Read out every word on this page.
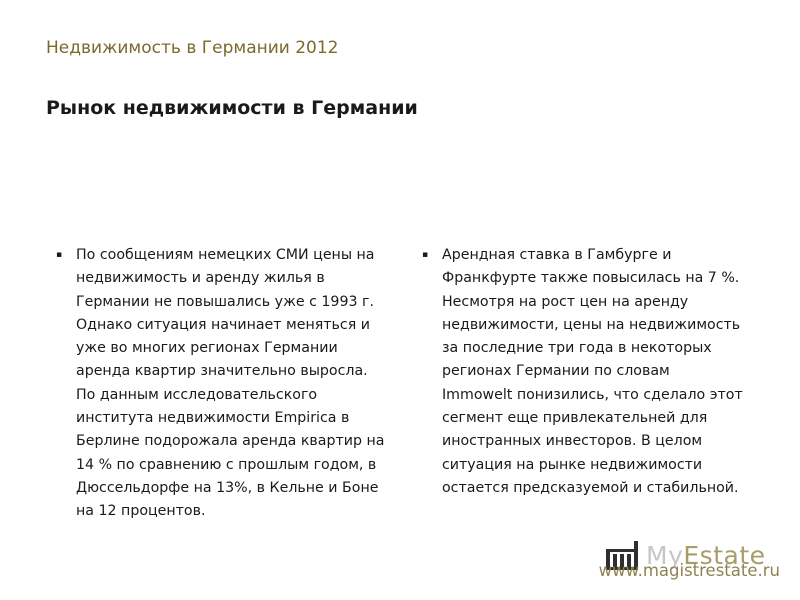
Недвижимость в Германии 2012
Рынок недвижимости в Германии
▪ По сообщениям немецких СМИ цены на
недвижимость и аренду жилья в
Германии не повышались уже с 1993 г.
Однако ситуация начинает меняться и
уже во многих регионах Германии
аренда квартир значительно выросла.
По данным исследовательского
института недвижимости Empirica в
Берлине подорожала аренда квартир на
14 % по сравнению с прошлым годом, в
Дюссельдорфе на 13%, в Кельне и Боне
на 12 процентов.
▪ Арендная ставка в Гамбурге и
Франкфурте также повысилась на 7 %.
Несмотря на рост цен на аренду
недвижимости, цены на недвижимость
за последние три года в некоторых
регионах Германии по словам
Immowelt понизились, что сделало этот
сегмент еще привлекательней для
иностранных инвесторов. В целом
ситуация на рынке недвижимости
остается предсказуемой и стабильной.
MyEstate
www.magistrestate.ru
